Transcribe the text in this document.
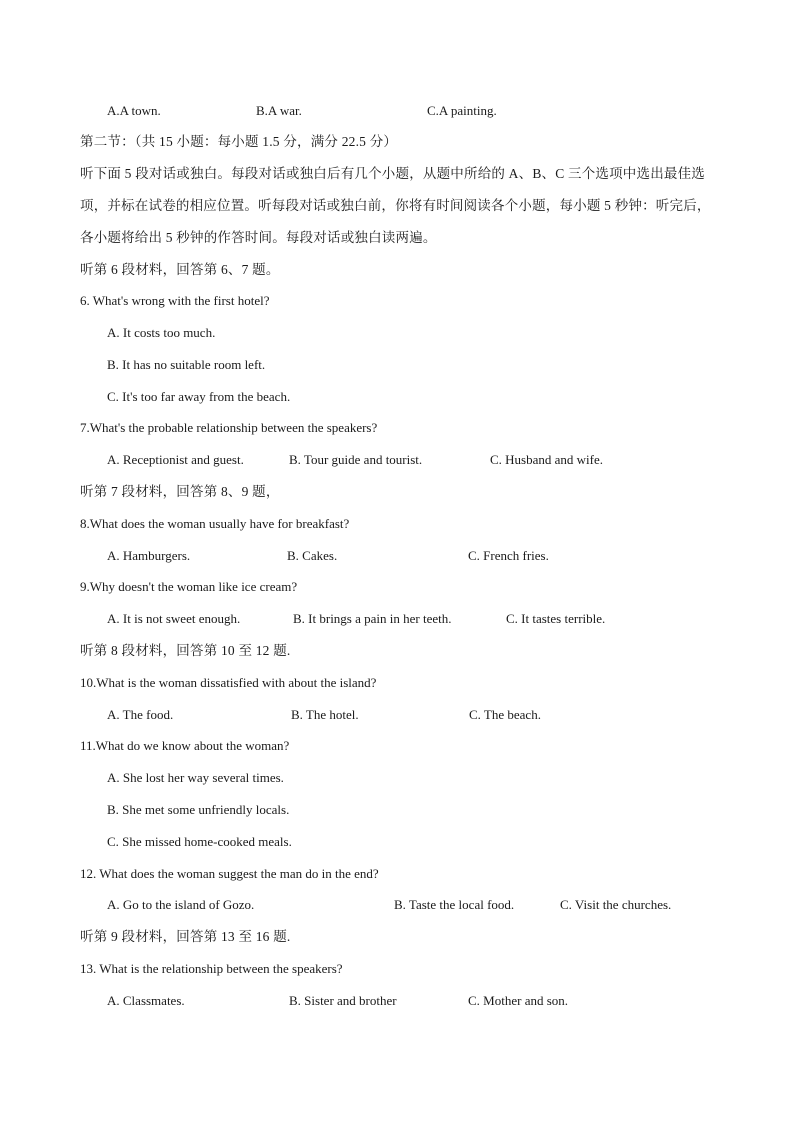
A.A town.	B.A war.	C.A painting.
第二节：（共 15 小题：每小题 1.5 分，满分 22.5 分）
听下面 5 段对话或独白。每段对话或独白后有几个小题，从题中所给的 A、B、C 三个选项中选出最佳选
项，并标在试卷的相应位置。听每段对话或独白前，你将有时间阅读各个小题，每小题 5 秒钟：听完后，
各小题将给出 5 秒钟的作答时间。每段对话或独白读两遍。
听第 6 段材料，回答第 6、7 题。
6. What's wrong with the first hotel?
A. It costs too much.
B. It has no suitable room left.
C. It's too far away from the beach.
7.What's the probable relationship between the speakers?
A. Receptionist and guest.	B. Tour guide and tourist.	C. Husband and wife.
听第 7 段材料，回答第 8、9 题，
8.What does the woman usually have for breakfast?
A. Hamburgers.	B. Cakes.	C. French fries.
9.Why doesn't the woman like ice cream?
A. It is not sweet enough.	B. It brings a pain in her teeth.	C. It tastes terrible.
听第 8 段材料，回答第 10 至 12 题.
10.What is the woman dissatisfied with about the island?
A. The food.	B. The hotel.	C. The beach.
11.What do we know about the woman?
A. She lost her way several times.
B. She met some unfriendly locals.
C. She missed home-cooked meals.
12. What does the woman suggest the man do in the end?
A. Go to the island of Gozo.	B. Taste the local food.	C. Visit the churches.
听第 9 段材料，回答第 13 至 16 题.
13. What is the relationship between the speakers?
A. Classmates.	B. Sister and brother	C. Mother and son.
